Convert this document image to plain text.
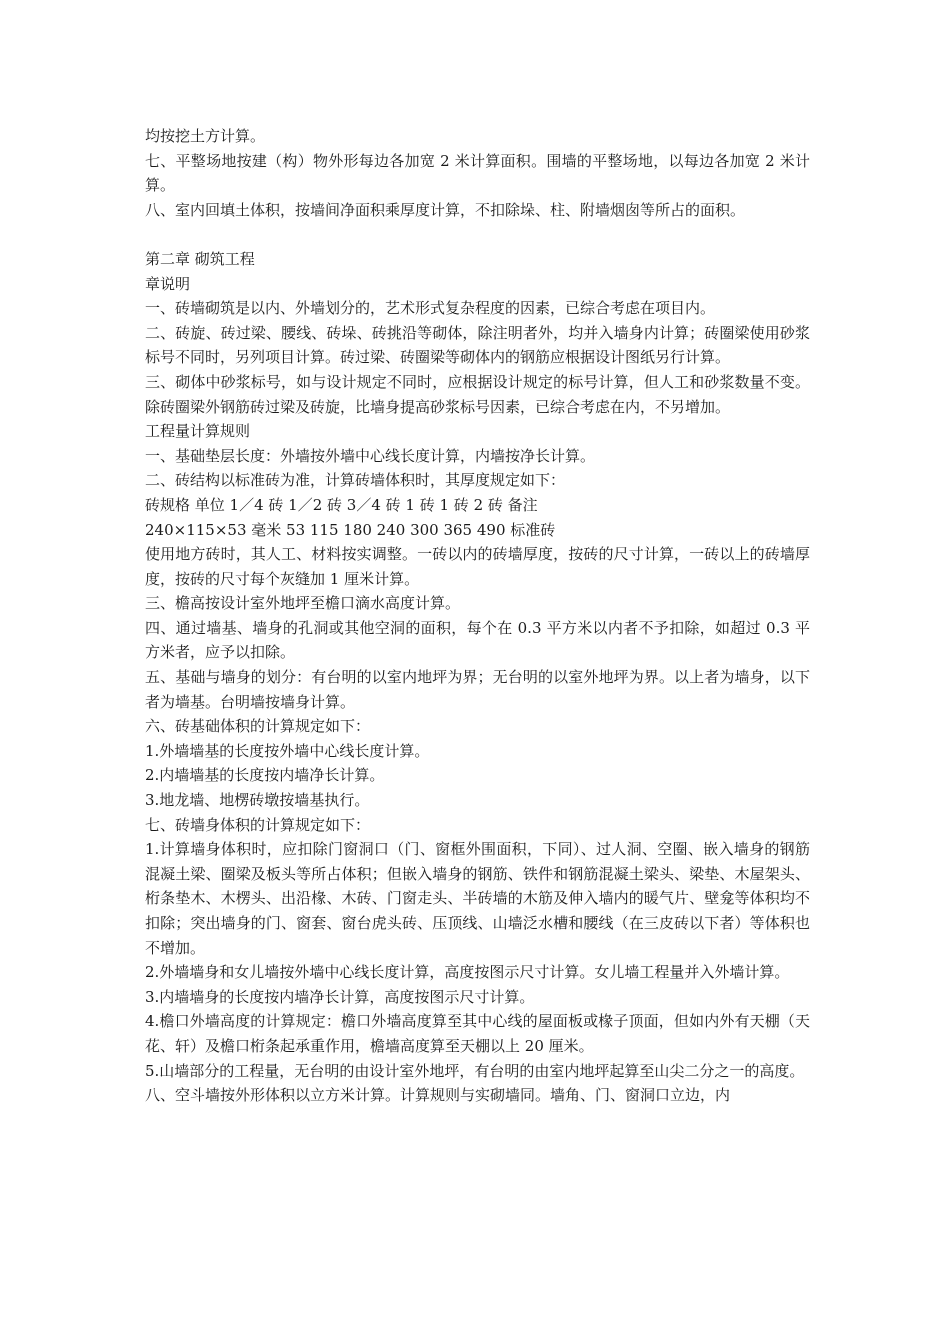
均按挖土方计算。

七、平整场地按建（构）物外形每边各加宽 2 米计算面积。围墙的平整场地，以每边各加宽 2 米计算。

八、室内回填土体积，按墙间净面积乘厚度计算，不扣除垛、柱、附墙烟囱等所占的面积。

第二章 砌筑工程

章说明

一、砖墙砌筑是以内、外墙划分的，艺术形式复杂程度的因素，已综合考虑在项目内。

二、砖旋、砖过梁、腰线、砖垛、砖挑沿等砌体，除注明者外，均并入墙身内计算；砖圈梁使用砂浆标号不同时，另列项目计算。砖过梁、砖圈梁等砌体内的钢筋应根据设计图纸另行计算。

三、砌体中砂浆标号，如与设计规定不同时，应根据设计规定的标号计算，但人工和砂浆数量不变。除砖圈梁外钢筋砖过梁及砖旋，比墙身提高砂浆标号因素，已综合考虑在内，不另增加。

工程量计算规则

一、基础垫层长度：外墙按外墙中心线长度计算，内墙按净长计算。

二、砖结构以标准砖为准，计算砖墙体积时，其厚度规定如下：

砖规格 单位 1／4 砖 1／2 砖 3／4 砖 1 砖 1 砖 2 砖 备注

240×115×53 毫米 53 115 180 240 300 365 490 标准砖

使用地方砖时，其人工、材料按实调整。一砖以内的砖墙厚度，按砖的尺寸计算，一砖以上的砖墙厚度，按砖的尺寸每个灰缝加 1 厘米计算。

三、檐高按设计室外地坪至檐口滴水高度计算。

四、通过墙基、墙身的孔洞或其他空洞的面积，每个在 0.3 平方米以内者不予扣除，如超过 0.3 平方米者，应予以扣除。

五、基础与墙身的划分：有台明的以室内地坪为界；无台明的以室外地坪为界。以上者为墙身，以下者为墙基。台明墙按墙身计算。

六、砖基础体积的计算规定如下：

1.外墙墙基的长度按外墙中心线长度计算。

2.内墙墙基的长度按内墙净长计算。

3.地龙墙、地楞砖墩按墙基执行。

七、砖墙身体积的计算规定如下：

1.计算墙身体积时，应扣除门窗洞口（门、窗框外围面积，下同）、过人洞、空圈、嵌入墙身的钢筋混凝土梁、圈梁及板头等所占体积；但嵌入墙身的钢筋、铁件和钢筋混凝土梁头、梁垫、木屋架头、桁条垫木、木楞头、出沿椽、木砖、门窗走头、半砖墙的木筋及伸入墙内的暖气片、壁龛等体积均不扣除；突出墙身的门、窗套、窗台虎头砖、压顶线、山墙泛水槽和腰线（在三皮砖以下者）等体积也不增加。

2.外墙墙身和女儿墙按外墙中心线长度计算，高度按图示尺寸计算。女儿墙工程量并入外墙计算。

3.内墙墙身的长度按内墙净长计算，高度按图示尺寸计算。

4.檐口外墙高度的计算规定：檐口外墙高度算至其中心线的屋面板或椽子顶面，但如内外有天棚（天花、轩）及檐口桁条起承重作用，檐墙高度算至天棚以上 20 厘米。

5.山墙部分的工程量，无台明的由设计室外地坪，有台明的由室内地坪起算至山尖二分之一的高度。

八、空斗墙按外形体积以立方米计算。计算规则与实砌墙同。墙角、门、窗洞口立边，内
